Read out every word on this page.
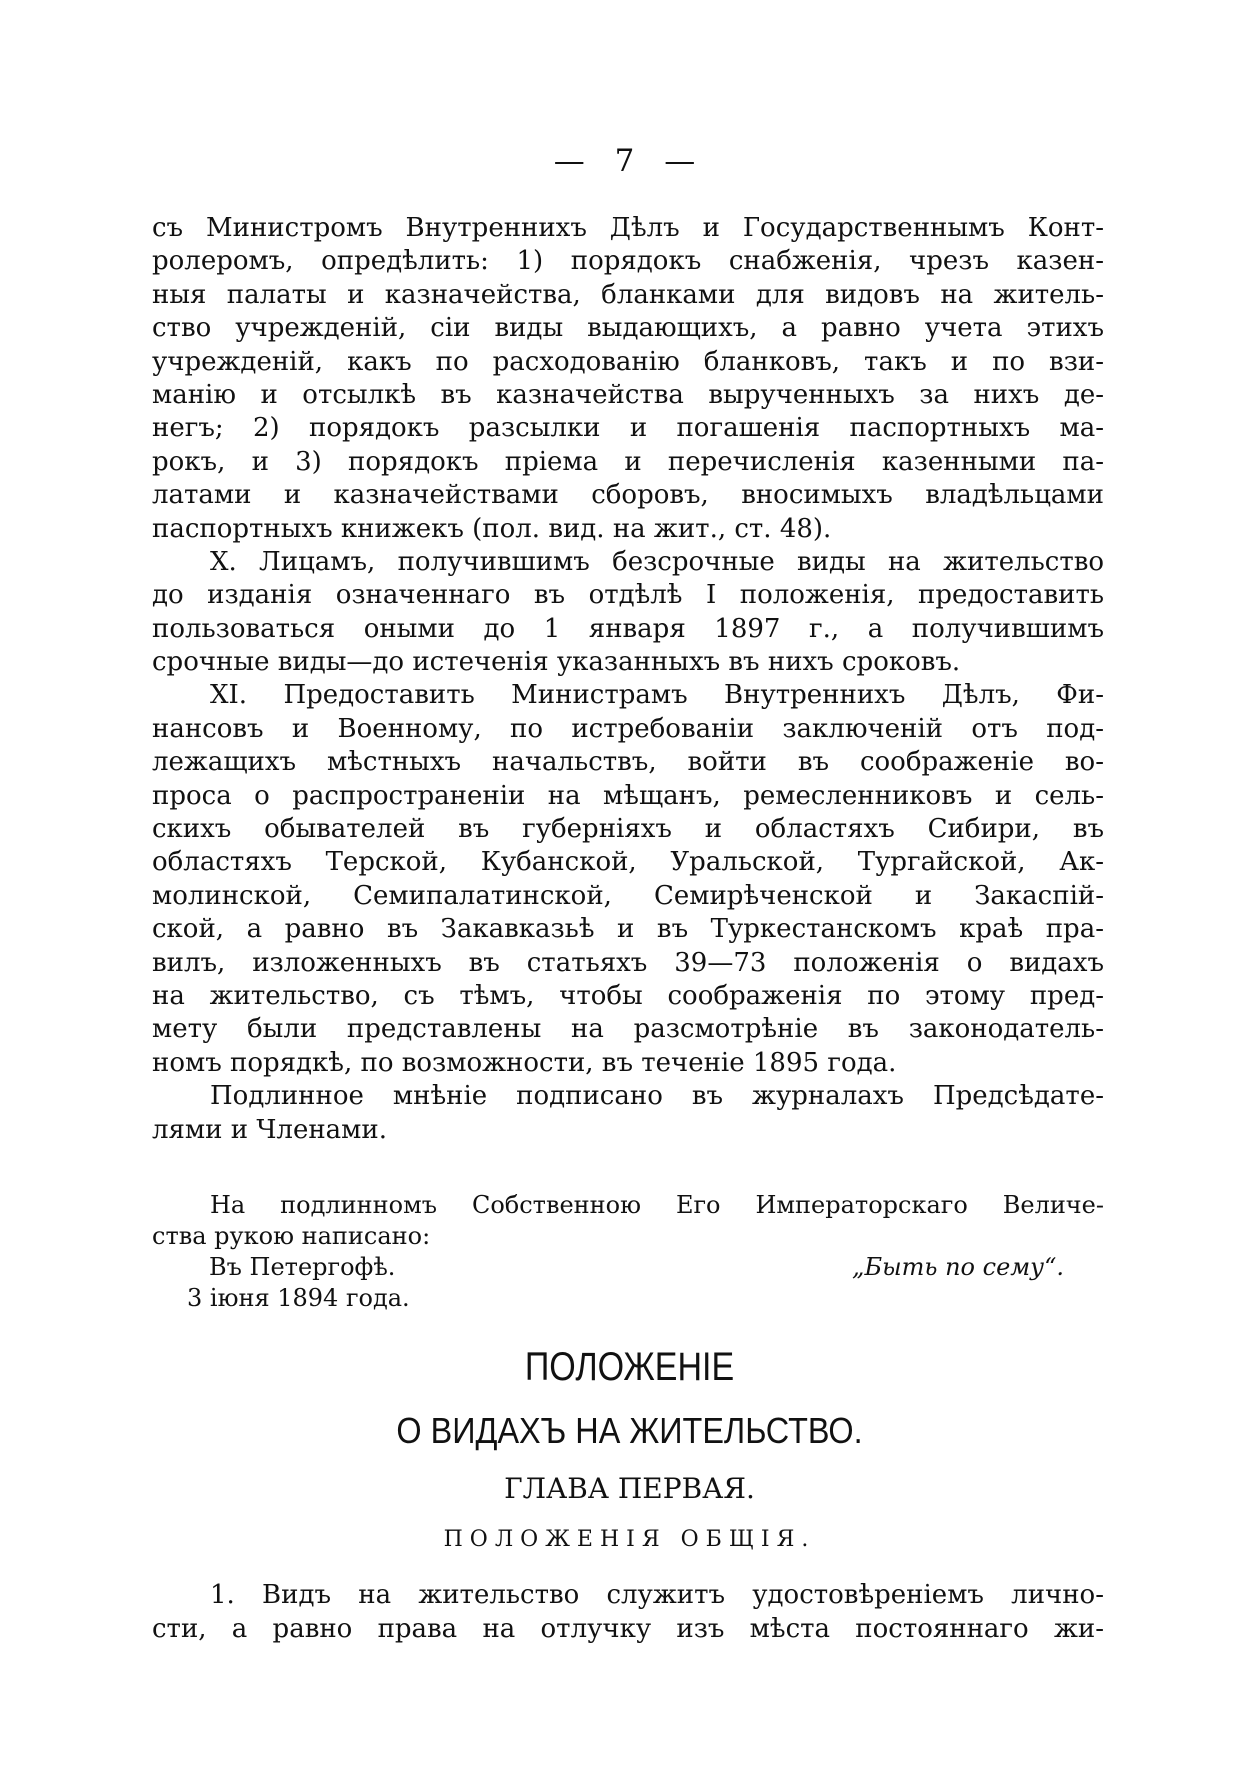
— 7 —
съ Министромъ Внутреннихъ Дѣлъ и Государственнымъ Конт-
ролеромъ, опредѣлить: 1) порядокъ снабженія, чрезъ казен-
ныя палаты и казначейства, бланками для видовъ на житель-
ство учрежденій, сіи виды выдающихъ, а равно учета этихъ
учрежденій, какъ по расходованію бланковъ, такъ и по взи-
манію и отсылкѣ въ казначейства вырученныхъ за нихъ де-
негъ; 2) порядокъ разсылки и погашенія паспортныхъ ма-
рокъ, и 3) порядокъ пріема и перечисленія казенными па-
латами и казначействами сборовъ, вносимыхъ владѣльцами
паспортныхъ книжекъ (пол. вид. на жит., ст. 48).
X. Лицамъ, получившимъ безсрочные виды на жительство
до изданія означеннаго въ отдѣлѣ I положенія, предоставить
пользоваться оными до 1 января 1897 г., а получившимъ
срочные виды—до истеченія указанныхъ въ нихъ сроковъ.
XI. Предоставить Министрамъ Внутреннихъ Дѣлъ, Фи-
нансовъ и Военному, по истребованіи заключеній отъ под-
лежащихъ мѣстныхъ начальствъ, войти въ соображеніе во-
проса о распространеніи на мѣщанъ, ремесленниковъ и сель-
скихъ обывателей въ губерніяхъ и областяхъ Сибири, въ
областяхъ Терской, Кубанской, Уральской, Тургайской, Ак-
молинской, Семипалатинской, Семирѣченской и Закаспій-
ской, а равно въ Закавказьѣ и въ Туркестанскомъ краѣ пра-
вилъ, изложенныхъ въ статьяхъ 39—73 положенія о видахъ
на жительство, съ тѣмъ, чтобы соображенія по этому пред-
мету были представлены на разсмотрѣніе въ законодатель-
номъ порядкѣ, по возможности, въ теченіе 1895 года.
Подлинное мнѣніе подписано въ журналахъ Предсѣдате-
лями и Членами.
На подлинномъ Собственною Его Императорскаго Величе-
ства рукою написано:
Въ Петергофѣ.
3 іюня 1894 года.
„Быть по сему“.
ПОЛОЖЕНІЕ
О ВИДАХЪ НА ЖИТЕЛЬСТВО.
ГЛАВА ПЕРВАЯ.
ПОЛОЖЕНІЯ ОБЩІЯ.
1. Видъ на жительство служитъ удостовѣреніемъ личнo-
сти, а равно права на отлучку изъ мѣста постояннаго жи-
